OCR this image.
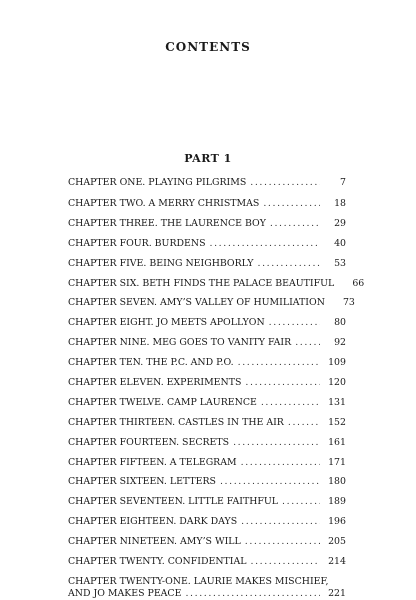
CONTENTS
PART 1
CHAPTER ONE. PLAYING PILGRIMS .....	7
CHAPTER TWO. A MERRY CHRISTMAS .....	18
CHAPTER THREE. THE LAURENCE BOY .....	29
CHAPTER FOUR. BURDENS .....	40
CHAPTER FIVE. BEING NEIGHBORLY .....	53
CHAPTER SIX. BETH FINDS THE PALACE BEAUTIFUL	66
CHAPTER SEVEN. AMY’S VALLEY OF HUMILIATION	73
CHAPTER EIGHT. JO MEETS APOLLYON .....	80
CHAPTER NINE. MEG GOES TO VANITY FAIR .....	92
CHAPTER TEN. THE P.C. AND P.O. .....	109
CHAPTER ELEVEN. EXPERIMENTS .....	120
CHAPTER TWELVE. CAMP LAURENCE .....	131
CHAPTER THIRTEEN. CASTLES IN THE AIR .....	152
CHAPTER FOURTEEN. SECRETS .....	161
CHAPTER FIFTEEN. A TELEGRAM .....	171
CHAPTER SIXTEEN. LETTERS .....	180
CHAPTER SEVENTEEN. LITTLE FAITHFUL .....	189
CHAPTER EIGHTEEN. DARK DAYS .....	196
CHAPTER NINETEEN. AMY’S WILL .....	205
CHAPTER TWENTY. CONFIDENTIAL .....	214
CHAPTER TWENTY-ONE. LAURIE MAKES MISCHIEF,
AND JO MAKES PEACE .....	221
